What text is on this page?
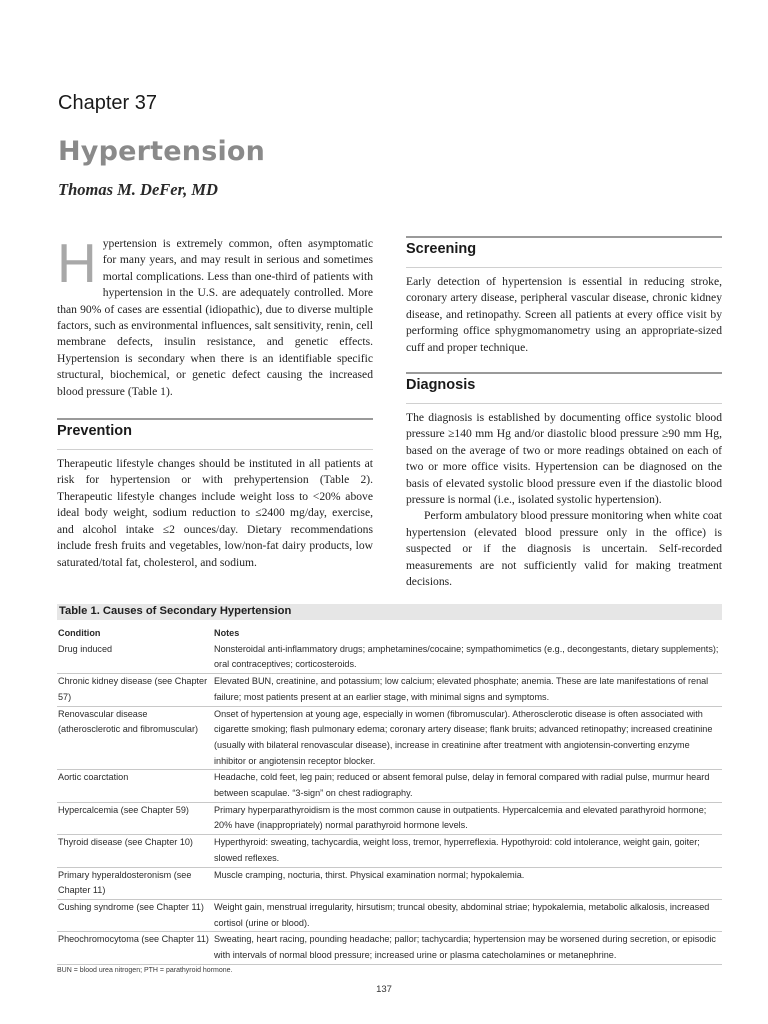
Chapter 37
Hypertension
Thomas M. DeFer, MD

Hypertension is extremely common, often asymptomatic for many years, and may result in serious and sometimes mortal complications. Less than one-third of patients with hypertension in the U.S. are adequately controlled. More than 90% of cases are essential (idiopathic), due to diverse multiple factors, such as environmental influences, salt sensitivity, renin, cell membrane defects, insulin resistance, and genetic effects. Hypertension is secondary when there is an identifiable specific structural, biochemical, or genetic defect causing the increased blood pressure (Table 1).

Prevention

Therapeutic lifestyle changes should be instituted in all patients at risk for hypertension or with prehypertension (Table 2). Therapeutic lifestyle changes include weight loss to <20% above ideal body weight, sodium reduction to ≤2400 mg/day, exercise, and alcohol intake ≤2 ounces/day. Dietary recommendations include fresh fruits and vegetables, low/non-fat dairy products, low saturated/total fat, cholesterol, and sodium.

Screening

Early detection of hypertension is essential in reducing stroke, coronary artery disease, peripheral vascular disease, chronic kidney disease, and retinopathy. Screen all patients at every office visit by performing office sphygmomanometry using an appropriate-sized cuff and proper technique.

Diagnosis

The diagnosis is established by documenting office systolic blood pressure ≥140 mm Hg and/or diastolic blood pressure ≥90 mm Hg, based on the average of two or more readings obtained on each of two or more office visits. Hypertension can be diagnosed on the basis of elevated systolic blood pressure even if the diastolic blood pressure is normal (i.e., isolated systolic hypertension).

Perform ambulatory blood pressure monitoring when white coat hypertension (elevated blood pressure only in the office) is suspected or if the diagnosis is uncertain. Self-recorded measurements are not sufficiently valid for making treatment decisions.

Table 1. Causes of Secondary Hypertension
Condition	Notes
Drug induced	Nonsteroidal anti-inflammatory drugs; amphetamines/cocaine; sympathomimetics (e.g., decongestants, dietary supplements); oral contraceptives; corticosteroids.
Chronic kidney disease (see Chapter 57)	Elevated BUN, creatinine, and potassium; low calcium; elevated phosphate; anemia. These are late manifestations of renal failure; most patients present at an earlier stage, with minimal signs and symptoms.
Renovascular disease (atherosclerotic and fibromuscular)	Onset of hypertension at young age, especially in women (fibromuscular). Atherosclerotic disease is often associated with cigarette smoking; flash pulmonary edema; coronary artery disease; flank bruits; advanced retinopathy; increased creatinine (usually with bilateral renovascular disease), increase in creatinine after treatment with angiotensin-converting enzyme inhibitor or angiotensin receptor blocker.
Aortic coarctation	Headache, cold feet, leg pain; reduced or absent femoral pulse, delay in femoral compared with radial pulse, murmur heard between scapulae. “3-sign” on chest radiography.
Hypercalcemia (see Chapter 59)	Primary hyperparathyroidism is the most common cause in outpatients. Hypercalcemia and elevated parathyroid hormone; 20% have (inappropriately) normal parathyroid hormone levels.
Thyroid disease (see Chapter 10)	Hyperthyroid: sweating, tachycardia, weight loss, tremor, hyperreflexia. Hypothyroid: cold intolerance, weight gain, goiter; slowed reflexes.
Primary hyperaldosteronism (see Chapter 11)	Muscle cramping, nocturia, thirst. Physical examination normal; hypokalemia.
Cushing syndrome (see Chapter 11)	Weight gain, menstrual irregularity, hirsutism; truncal obesity, abdominal striae; hypokalemia, metabolic alkalosis, increased cortisol (urine or blood).
Pheochromocytoma (see Chapter 11)	Sweating, heart racing, pounding headache; pallor; tachycardia; hypertension may be worsened during secretion, or episodic with intervals of normal blood pressure; increased urine or plasma catecholamines or metanephrine.
BUN = blood urea nitrogen; PTH = parathyroid hormone.
137
